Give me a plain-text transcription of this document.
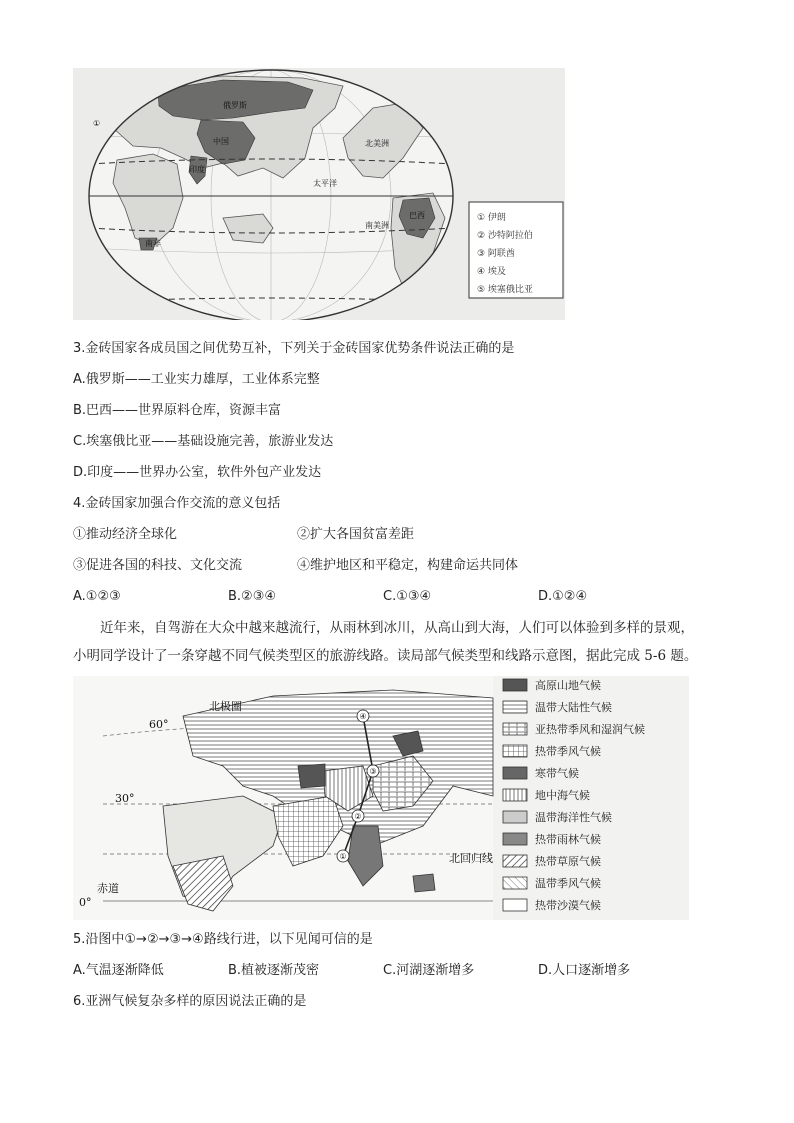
俄罗斯
中国
印度
南非
巴西
太平洋
北美洲
南美洲
①
① 伊朗
② 沙特阿拉伯
③ 阿联酋
④ 埃及
⑤ 埃塞俄比亚
3.金砖国家各成员国之间优势互补，下列关于金砖国家优势条件说法正确的是
A.俄罗斯——工业实力雄厚，工业体系完整
B.巴西——世界原料仓库，资源丰富
C.埃塞俄比亚——基础设施完善，旅游业发达
D.印度——世界办公室，软件外包产业发达
4.金砖国家加强合作交流的意义包括
①推动经济全球化	②扩大各国贫富差距
③促进各国的科技、文化交流	④维护地区和平稳定，构建命运共同体
A.①②③	B.②③④	C.①③④	D.①②④

近年来，自驾游在大众中越来越流行，从雨林到冰川，从高山到大海，人们可以体验到多样的景观，

小明同学设计了一条穿越不同气候类型区的旅游线路。读局部气候类型和线路示意图，据此完成 5-6 题。

①
②
③
④
60°
30°
0°
北极圈
北回归线
赤道
高原山地气候
温带大陆性气候
亚热带季风和湿润气候
热带季风气候
寒带气候
地中海气候
温带海洋性气候
热带雨林气候
热带草原气候
温带季风气候
热带沙漠气候
5.沿图中①→②→③→④路线行进，以下见闻可信的是
A.气温逐渐降低	B.植被逐渐茂密	C.河湖逐渐增多	D.人口逐渐增多
6.亚洲气候复杂多样的原因说法正确的是
